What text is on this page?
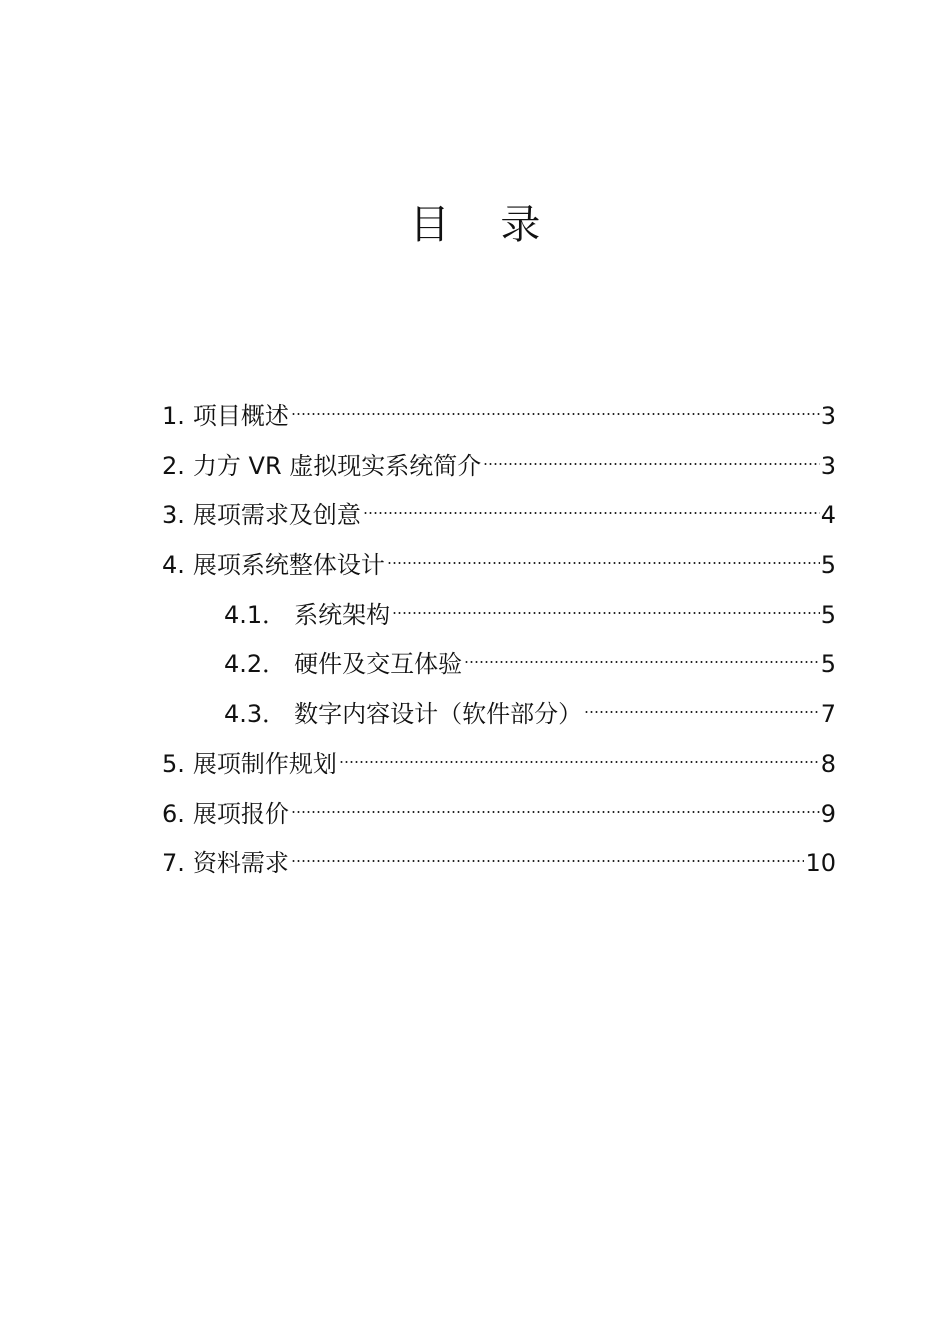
目    录
1. 项目概述	3
2. 力方 VR 虚拟现实系统简介	3
3. 展项需求及创意	4
4. 展项系统整体设计	5
4.1． 系统架构	5
4.2． 硬件及交互体验	5
4.3． 数字内容设计（软件部分）	7
5. 展项制作规划	8
6. 展项报价	9
7. 资料需求	10
